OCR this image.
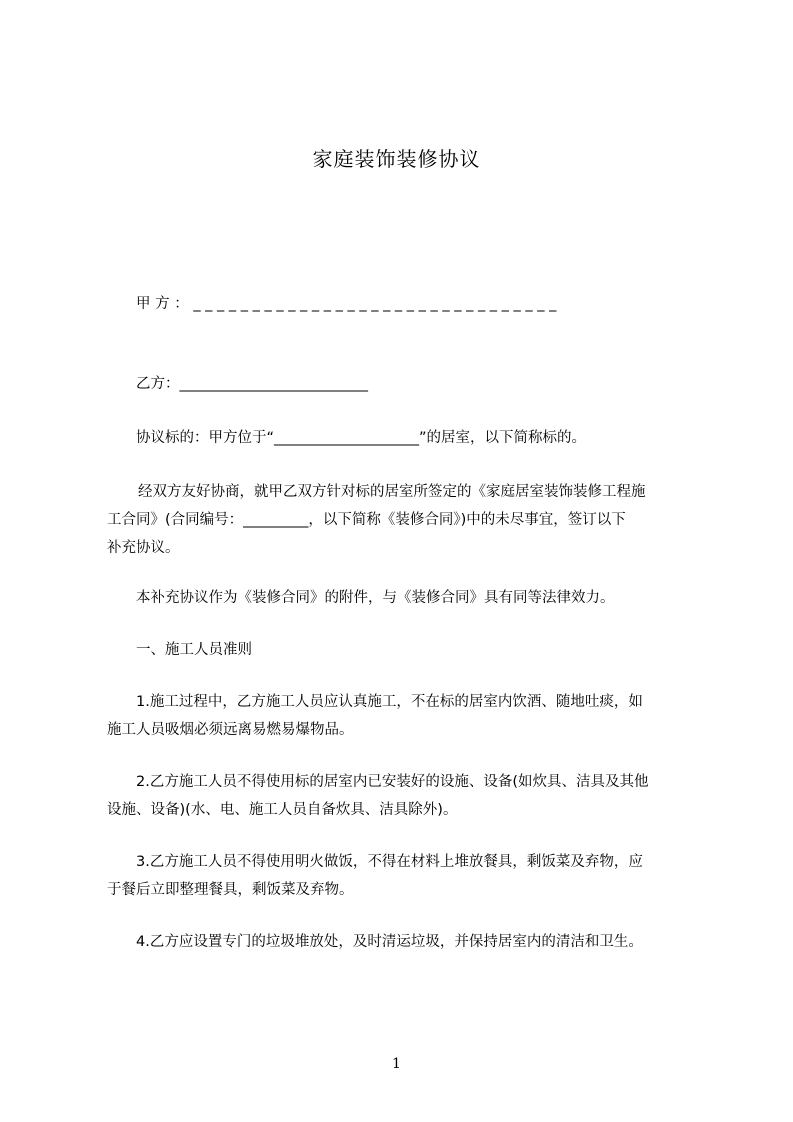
家庭装饰装修协议
甲 方 ： _ _ _ _ _ _ _ _ _ _ _ _ _ _ _ _ _ _ _ _ _ _ _ _ _ _ _ _ _ _ _
乙方：__________________________
协议标的：甲方位于“____________________”的居室，以下简称标的。
经双方友好协商，就甲乙双方针对标的居室所签定的《家庭居室装饰装修工程施
工合同》(合同编号：_________，以下简称《装修合同》)中的未尽事宜，签订以下
补充协议。
本补充协议作为《装修合同》的附件，与《装修合同》具有同等法律效力。
一、施工人员准则
1.施工过程中，乙方施工人员应认真施工，不在标的居室内饮酒、随地吐痰，如
施工人员吸烟必须远离易燃易爆物品。
2.乙方施工人员不得使用标的居室内已安装好的设施、设备(如炊具、洁具及其他
设施、设备)(水、电、施工人员自备炊具、洁具除外)。
3.乙方施工人员不得使用明火做饭，不得在材料上堆放餐具，剩饭菜及弃物，应
于餐后立即整理餐具，剩饭菜及弃物。
4.乙方应设置专门的垃圾堆放处，及时清运垃圾，并保持居室内的清洁和卫生。
1
